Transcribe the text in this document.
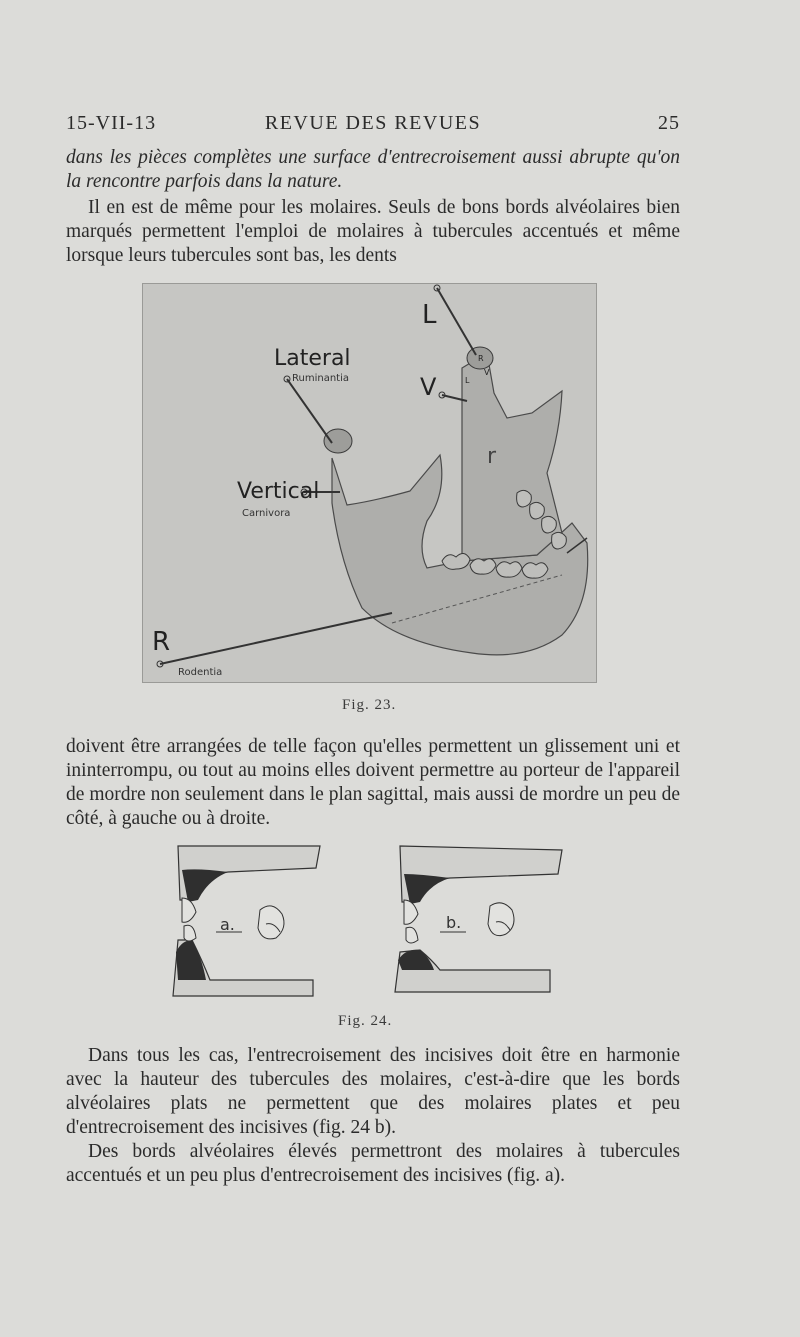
15-VII-13	REVUE DES REVUES	25
dans les pièces complètes une surface d'entrecroisement aussi abrupte qu'on la rencontre parfois dans la nature.
Il en est de même pour les molaires. Seuls de bons bords alvéolaires bien marqués permettent l'emploi de molaires à tubercules accentués et même lorsque leurs tubercules sont bas, les dents
L
V
Lateral
Ruminantia
Vertical
Carnivora
R
Rodentia
r
R
L
V
Fig. 23.
doivent être arrangées de telle façon qu'elles permettent un glissement uni et ininterrompu, ou tout au moins elles doivent permettre au porteur de l'appareil de mordre non seulement dans le plan sagittal, mais aussi de mordre un peu de côté, à gauche ou à droite.
a.	b.
Fig. 24.
Dans tous les cas, l'entrecroisement des incisives doit être en harmonie avec la hauteur des tubercules des molaires, c'est-à-dire que les bords alvéolaires plats ne permettent que des molaires plates et peu d'entrecroisement des incisives (fig. 24 b).
Des bords alvéolaires élevés permettront des molaires à tubercules accentués et un peu plus d'entrecroisement des incisives (fig. a).
